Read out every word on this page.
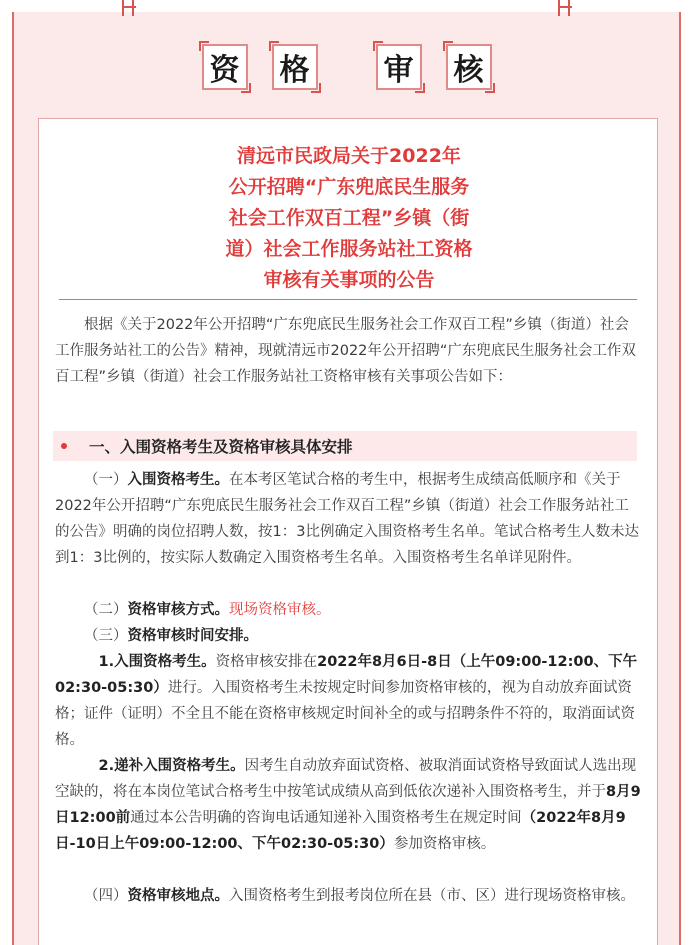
资 格 审 核
清远市民政局关于2022年
公开招聘“广东兜底民生服务
社会工作双百工程”乡镇（街
道）社会工作服务站社工资格
审核有关事项的公告

根据《关于2022年公开招聘“广东兜底民生服务社会工作双百工程”乡镇（街道）社会工作服务站社工的公告》精神，现就清远市2022年公开招聘“广东兜底民生服务社会工作双百工程”乡镇（街道）社会工作服务站社工资格审核有关事项公告如下：

一、入围资格考生及资格审核具体安排

（一）入围资格考生。在本考区笔试合格的考生中，根据考生成绩高低顺序和《关于2022年公开招聘“广东兜底民生服务社会工作双百工程”乡镇（街道）社会工作服务站社工的公告》明确的岗位招聘人数，按1：3比例确定入围资格考生名单。笔试合格考生人数未达到1：3比例的，按实际人数确定入围资格考生名单。入围资格考生名单详见附件。

（二）资格审核方式。现场资格审核。

（三）资格审核时间安排。

1.入围资格考生。资格审核安排在2022年8月6日-8日（上午09:00-12:00、下午02:30-05:30）进行。入围资格考生未按规定时间参加资格审核的，视为自动放弃面试资格；证件（证明）不全且不能在资格审核规定时间补全的或与招聘条件不符的，取消面试资格。

2.递补入围资格考生。因考生自动放弃面试资格、被取消面试资格导致面试人选出现空缺的，将在本岗位笔试合格考生中按笔试成绩从高到低依次递补入围资格考生，并于8月9日12:00前通过本公告明确的咨询电话通知递补入围资格考生在规定时间（2022年8月9日-10日上午09:00-12:00、下午02:30-05:30）参加资格审核。

（四）资格审核地点。入围资格考生到报考岗位所在县（市、区）进行现场资格审核。
